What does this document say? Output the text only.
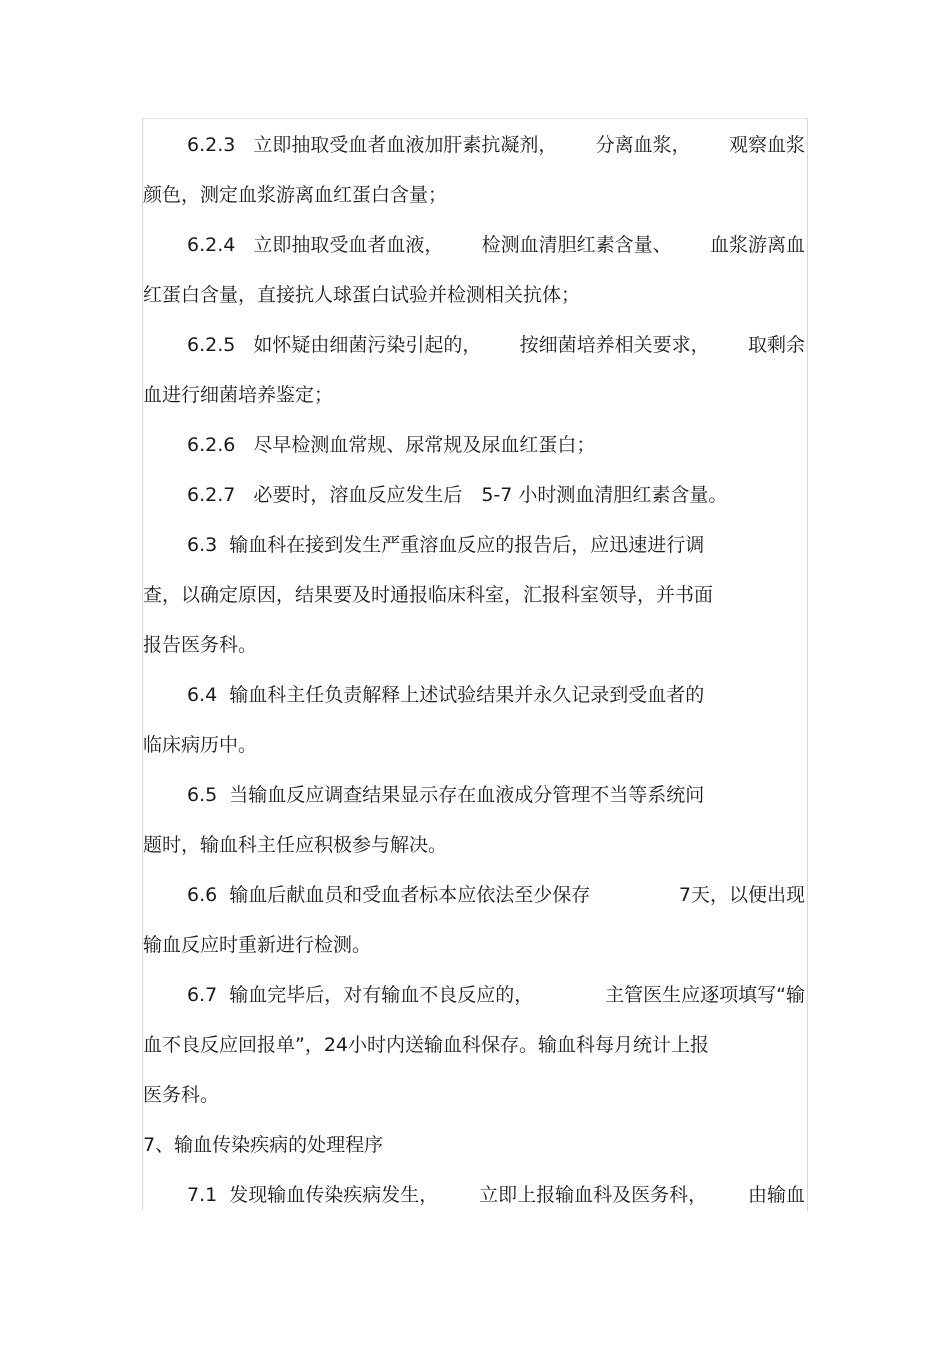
6.2.3 立即抽取受血者血液加肝素抗凝剂， 分离血浆， 观察血浆
颜色，测定血浆游离血红蛋白含量；
6.2.4 立即抽取受血者血液， 检测血清胆红素含量、 血浆游离血
红蛋白含量，直接抗人球蛋白试验并检测相关抗体；
6.2.5 如怀疑由细菌污染引起的， 按细菌培养相关要求， 取剩余
血进行细菌培养鉴定；
6.2.6 尽早检测血常规、尿常规及尿血红蛋白；
6.2.7 必要时，溶血反应发生后　5-7 小时测血清胆红素含量。
6.3 输血科在接到发生严重溶血反应的报告后，应迅速进行调
查，以确定原因，结果要及时通报临床科室，汇报科室领导，并书面
报告医务科。
6.4 输血科主任负责解释上述试验结果并永久记录到受血者的
临床病历中。
6.5 当输血反应调查结果显示存在血液成分管理不当等系统问
题时，输血科主任应积极参与解决。
6.6 输血后献血员和受血者标本应依法至少保存	7天，以便出现
输血反应时重新进行检测。
6.7 输血完毕后，对有输血不良反应的，	主管医生应逐项填写“输
血不良反应回报单”，24小时内送输血科保存。输血科每月统计上报
医务科。
7、输血传染疾病的处理程序
7.1 发现输血传染疾病发生， 立即上报输血科及医务科， 由输血
